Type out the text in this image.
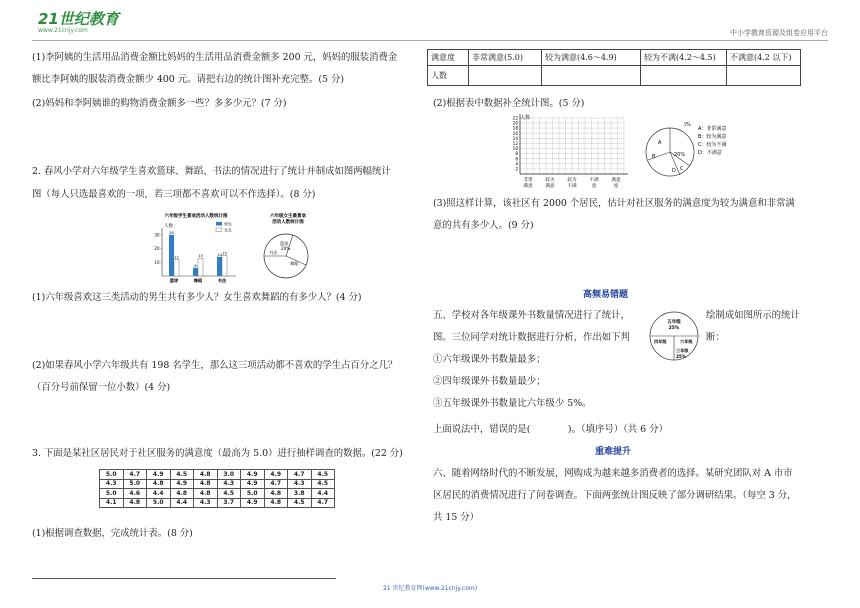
21世纪教育
www.21cnjy.com	中小学教育资源及组卷应用平台
(1)李阿姨的生活用品消费金额比妈妈的生活用品消费金额多 200 元，妈妈的服装消费金
额比李阿姨的服装消费金额少 400 元。请把右边的统计图补充完整。(5 分)
(2)妈妈和李阿姨谁的购物消费金额多一些？多多少元？(7 分)
2. 春风小学对六年级学生喜欢篮球、舞蹈、书法的情况进行了统计并制成如图两幅统计
图（每人只选最喜欢的一项，若三项都不喜欢可以不作选择）。(8 分)
六年级学生喜欢活动人数统计图
人数	男生
女生
10
20
30	30
12
篮球
6
13
舞蹈
14 15
书法
六年级女生最喜欢
活动人数统计图
篮球
20%
书法
舞蹈
(1)六年级喜欢这三类活动的男生共有多少人？女生喜欢舞蹈的有多少人？(4 分)
(2)如果春风小学六年级共有 198 名学生，那么这三项活动都不喜欢的学生占百分之几？
（百分号前保留一位小数）(4 分)
3. 下面是某社区居民对于社区服务的满意度（最高为 5.0）进行抽样调查的数据。(22 分)
5.0	4.7	4.9	4.5	4.8	3.0	4.9	4.9	4.7	4.5
4.3	5.0	4.8	4.9	4.8	4.3	4.9	4.7	4.3	4.5
5.0	4.6	4.4	4.8	4.8	4.5	5.0	4.8	3.8	4.4
4.1	4.8	5.0	4.4	4.3	3.7	4.9	4.8	4.5	4.7
(1)根据调查数据，完成统计表。(8 分)
满意度	非常满意(5.0)	较为满意(4.6～4.9)	较为不满(4.2～4.5)	不满意(4.2 以下)
人数				
(2)根据表中数据补全统计图。(5 分)
人数
2
4
6
8
10
12
14
16
18
20
22
非常
满意
较为
满意
较为
不满
不满
意
满意
度
A
B	20%
C
D
)%
A：非常满意
B：较为满意
C：较为不满
D：不满意
(3)照这样计算，该社区有 2000 个居民，估计对社区服务的满意度为较为满意和非常满
意的共有多少人。(9 分)
高频易错题
五、学校对各年级课外书数量情况进行了统计，	绘制成如图所示的统计
图。三位同学对统计数据进行分析，作出如下判	断：
五年级
25%
四年级	六年级
三年级
25%
①六年级课外书数量最多；
②四年级课外书数量最少；
③五年级课外书数量比六年级少 5%。
上面说法中，错误的是(　　　　)。（填序号）（共 6 分）
重难提升
六、随着网络时代的不断发展，网购成为越来越多消费者的选择。某研究团队对 A 市市
区居民的消费情况进行了问卷调查。下面两张统计图反映了部分调研结果。（每空 3 分，
共 15 分）
21 世纪教育网(www.21cnjy.com)
